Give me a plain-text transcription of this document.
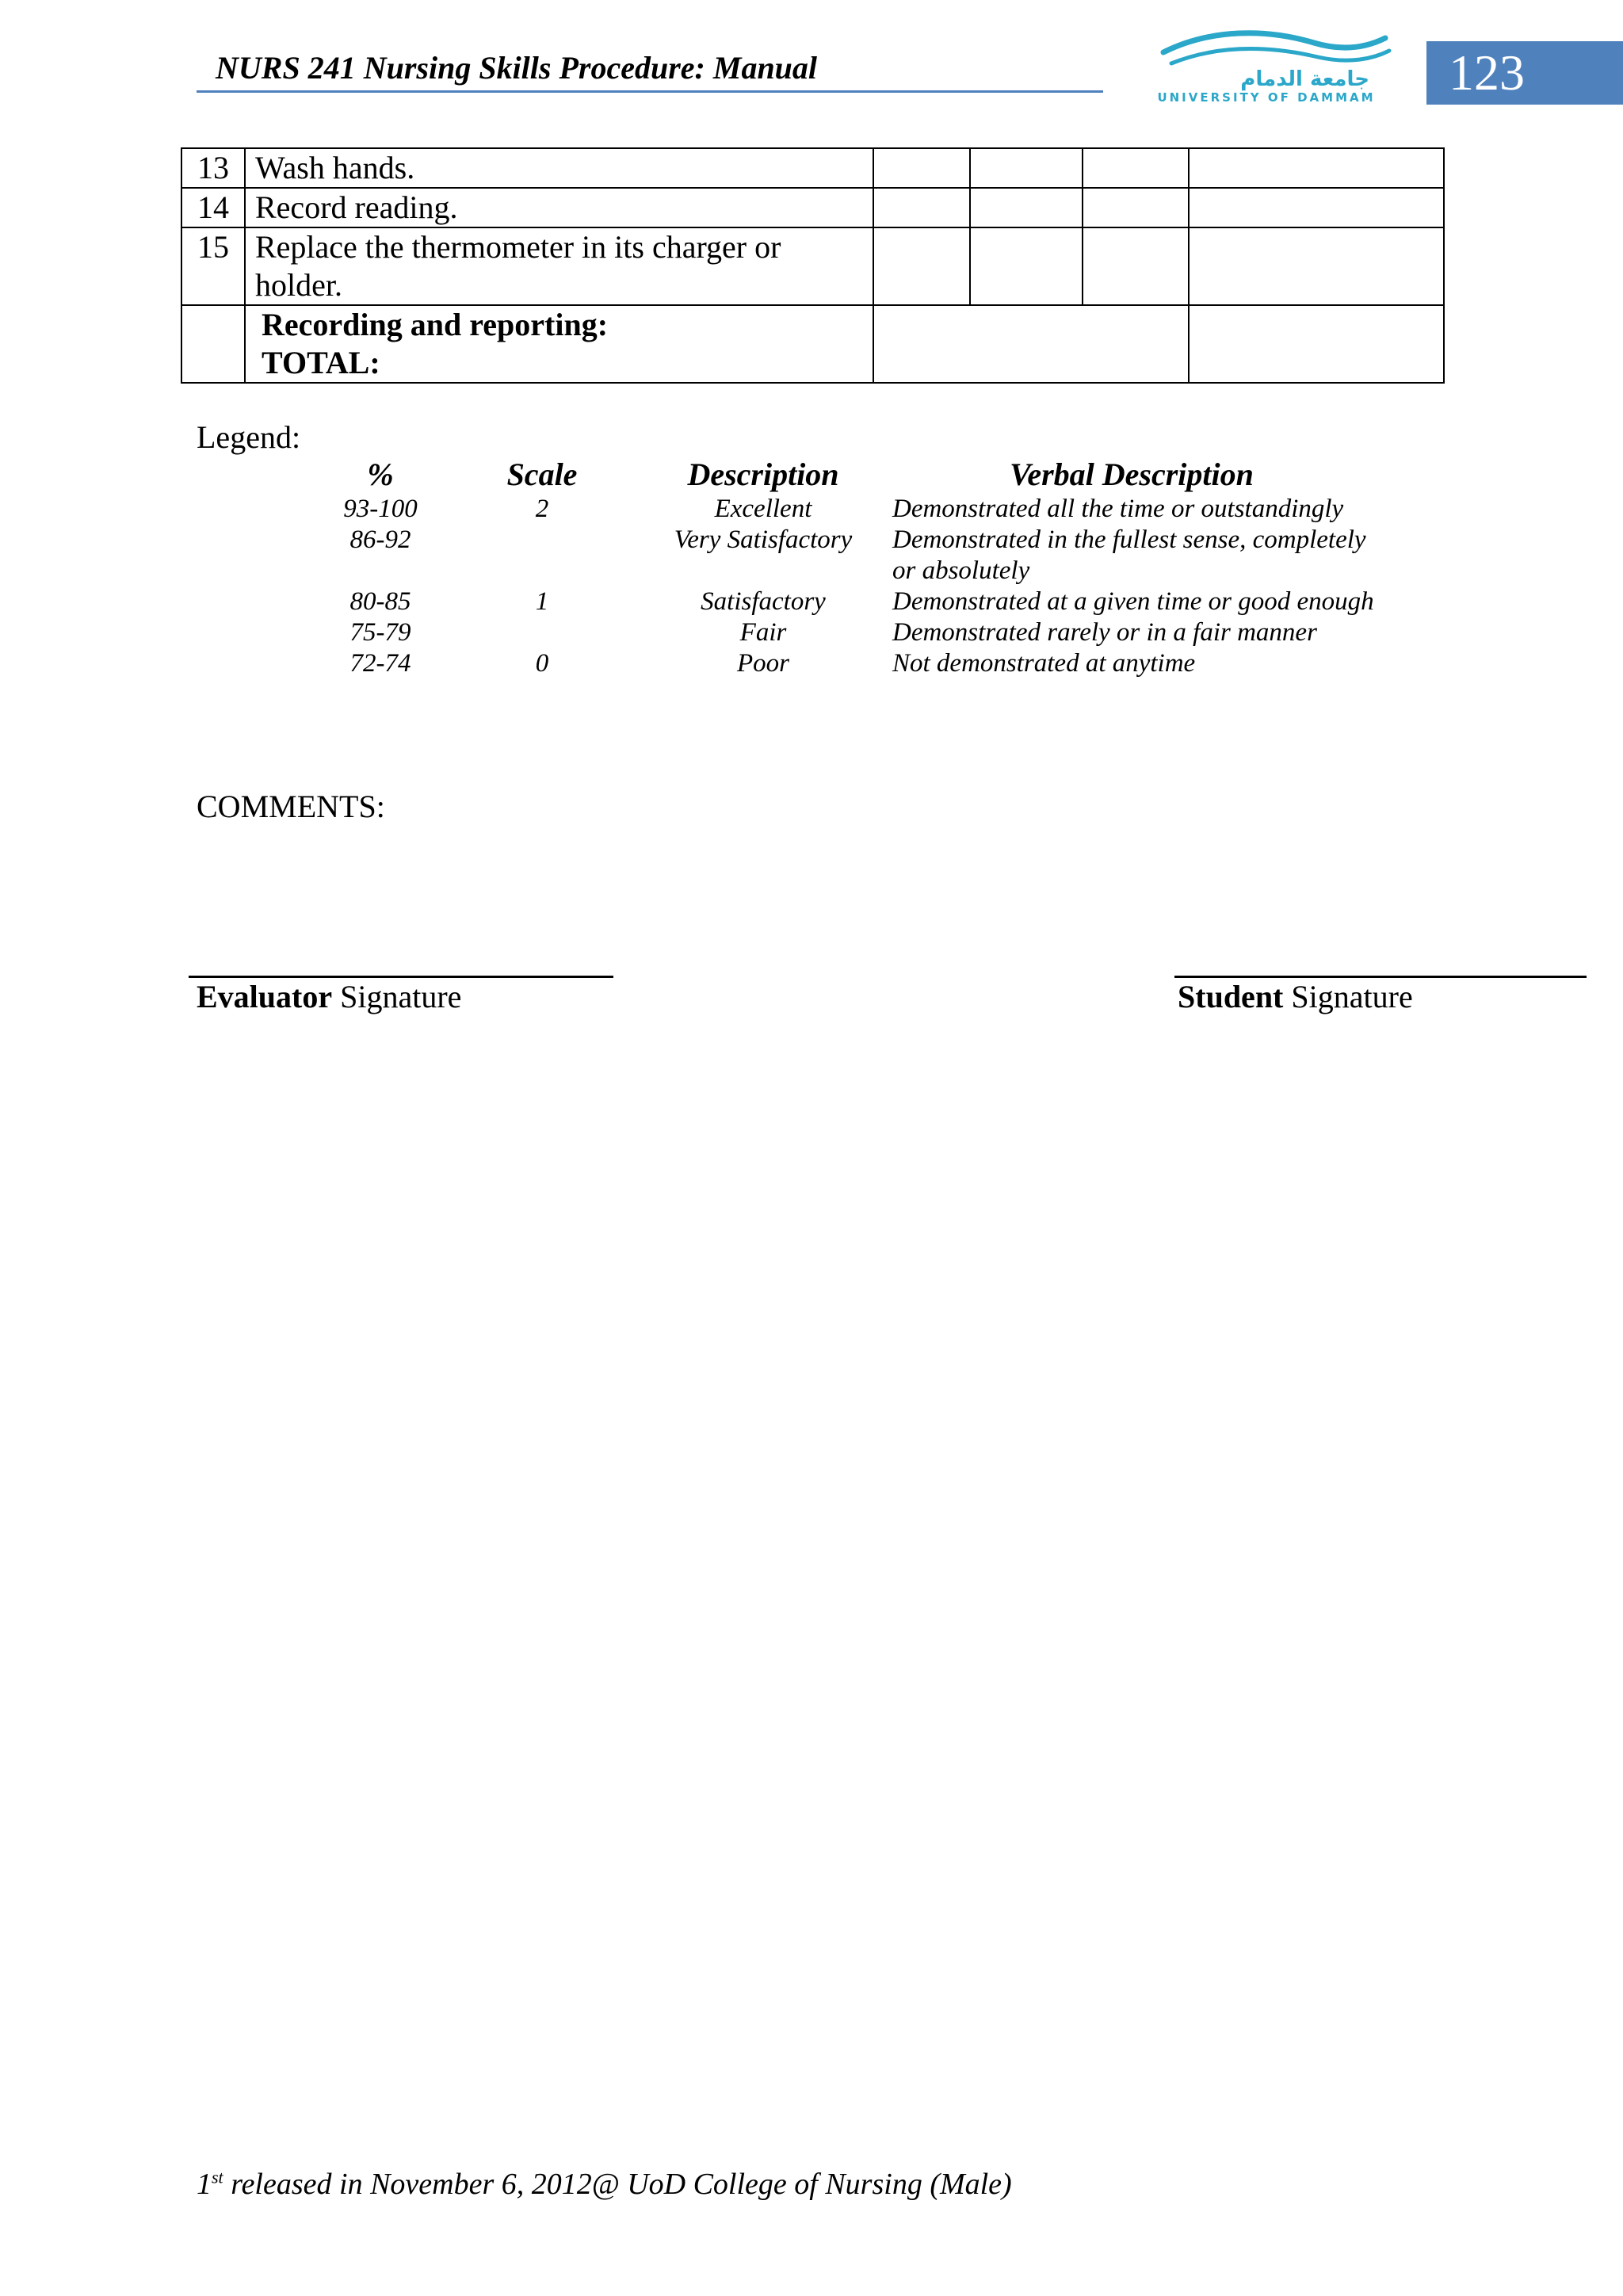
NURS 241 Nursing Skills Procedure: Manual	جامعة الدمام
UNIVERSITY OF DAMMAM	123
13	Wash hands.				
14	Record reading.				
15	Replace the thermometer in its charger or holder.				

	Recording and reporting:
TOTAL:				

Legend:
%	Scale	Description	Verbal Description
93-100	2	Excellent	Demonstrated all the time or outstandingly
86-92		Very Satisfactory	Demonstrated in the fullest sense, completely or absolutely
80-85	1	Satisfactory	Demonstrated at a given time or good enough
75-79		Fair	Demonstrated rarely or in a fair manner
72-74	0	Poor	Not demonstrated at anytime
COMMENTS:
Evaluator Signature	Student Signature
1st released in November 6, 2012@ UoD College of Nursing (Male)
